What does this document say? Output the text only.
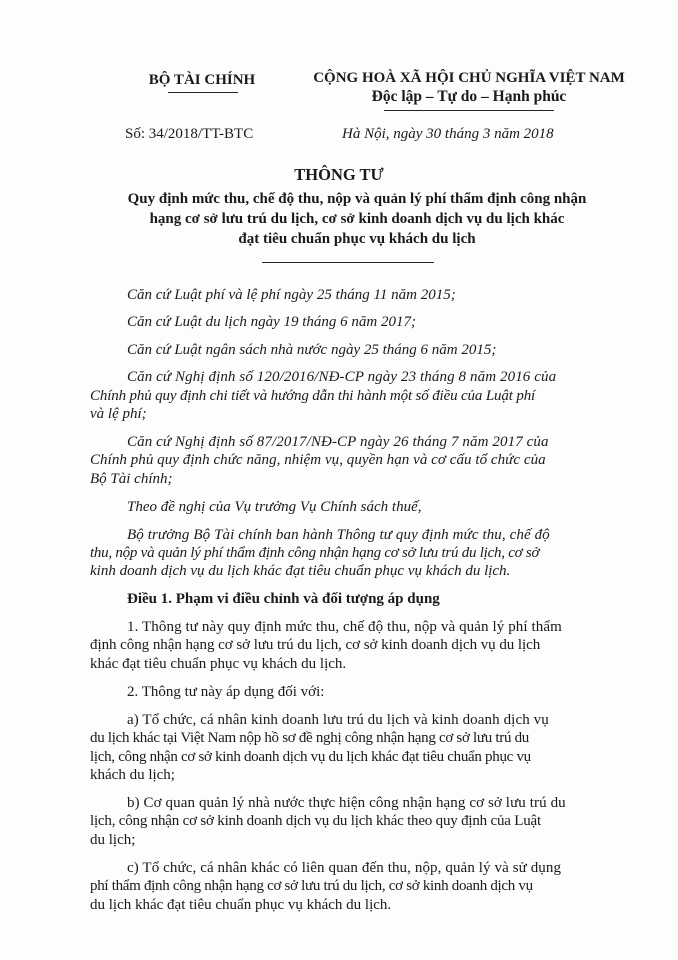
BỘ TÀI CHÍNH	CỘNG HOÀ XÃ HỘI CHỦ NGHĨA VIỆT NAM
Độc lập – Tự do – Hạnh phúc
Số: 34/2018/TT-BTC	Hà Nội, ngày 30 tháng 3 năm 2018
THÔNG TƯ
Quy định mức thu, chế độ thu, nộp và quản lý phí thẩm định công nhận
hạng cơ sở lưu trú du lịch, cơ sở kinh doanh dịch vụ du lịch khác
đạt tiêu chuẩn phục vụ khách du lịch
Căn cứ Luật phí và lệ phí ngày 25 tháng 11 năm 2015;
Căn cứ Luật du lịch ngày 19 tháng 6 năm 2017;
Căn cứ Luật ngân sách nhà nước ngày 25 tháng 6 năm 2015;
Căn cứ Nghị định số 120/2016/NĐ-CP ngày 23 tháng 8 năm 2016 của
Chính phủ quy định chi tiết và hướng dẫn thi hành một số điều của Luật phí
và lệ phí;
Căn cứ Nghị định số 87/2017/NĐ-CP ngày 26 tháng 7 năm 2017 của
Chính phủ quy định chức năng, nhiệm vụ, quyền hạn và cơ cấu tổ chức của
Bộ Tài chính;
Theo đề nghị của Vụ trưởng Vụ Chính sách thuế,
Bộ trưởng Bộ Tài chính ban hành Thông tư quy định mức thu, chế độ
thu, nộp và quản lý phí thẩm định công nhận hạng cơ sở lưu trú du lịch, cơ sở
kinh doanh dịch vụ du lịch khác đạt tiêu chuẩn phục vụ khách du lịch.
Điều 1. Phạm vi điều chỉnh và đối tượng áp dụng
1. Thông tư này quy định mức thu, chế độ thu, nộp và quản lý phí thẩm
định công nhận hạng cơ sở lưu trú du lịch, cơ sở kinh doanh dịch vụ du lịch
khác đạt tiêu chuẩn phục vụ khách du lịch.
2. Thông tư này áp dụng đối với:
a) Tổ chức, cá nhân kinh doanh lưu trú du lịch và kinh doanh dịch vụ
du lịch khác tại Việt Nam nộp hồ sơ đề nghị công nhận hạng cơ sở lưu trú du
lịch, công nhận cơ sở kinh doanh dịch vụ du lịch khác đạt tiêu chuẩn phục vụ
khách du lịch;
b) Cơ quan quản lý nhà nước thực hiện công nhận hạng cơ sở lưu trú du
lịch, công nhận cơ sở kinh doanh dịch vụ du lịch khác theo quy định của Luật
du lịch;
c) Tổ chức, cá nhân khác có liên quan đến thu, nộp, quản lý và sử dụng
phí thẩm định công nhận hạng cơ sở lưu trú du lịch, cơ sở kinh doanh dịch vụ
du lịch khác đạt tiêu chuẩn phục vụ khách du lịch.
